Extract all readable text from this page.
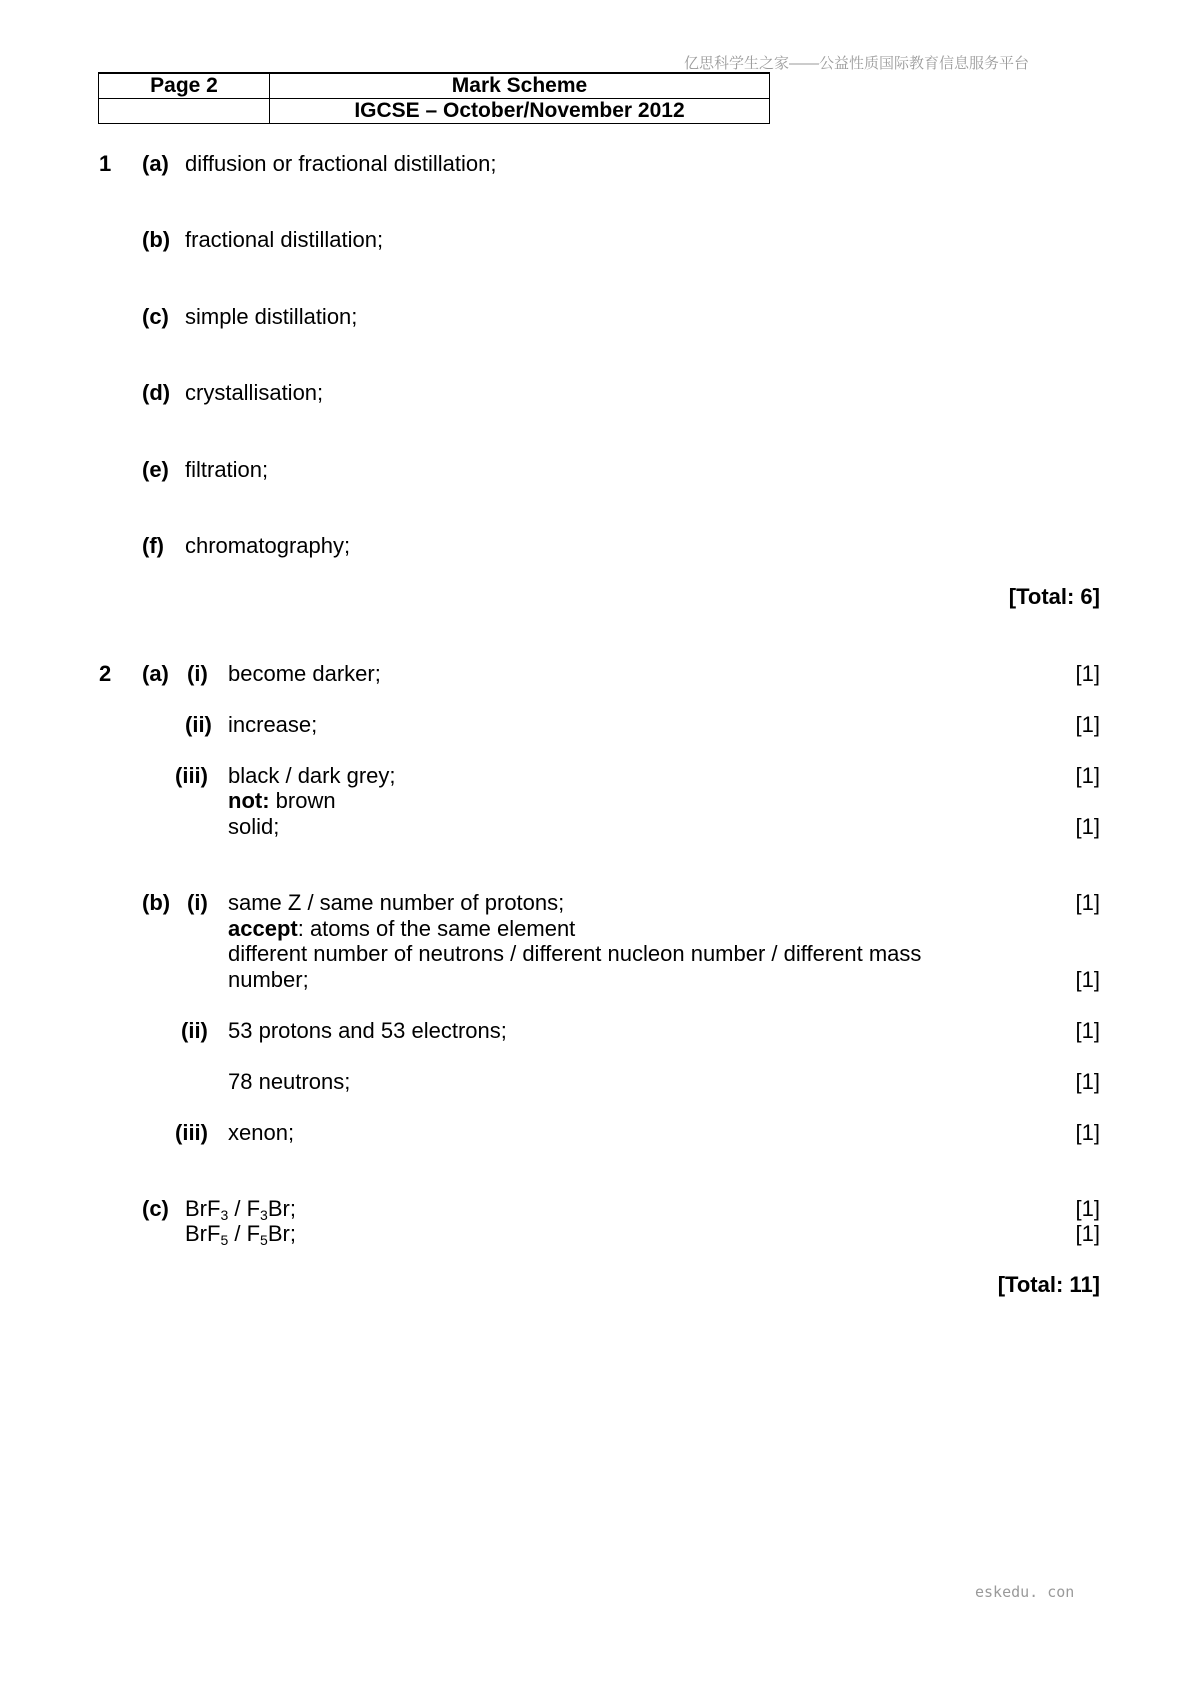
亿思科学生之家——公益性质国际教育信息服务平台
eskedu. con
Page 2	Mark Scheme
	IGCSE – October/November 2012
1 (a) diffusion or fractional distillation;
(b) fractional distillation;
(c) simple distillation;
(d) crystallisation;
(e) filtration;
(f) chromatography;
[Total: 6]
2 (a) (i) become darker;	[1]
(ii) increase;	[1]
(iii) black / dark grey;	[1]
not: brown
solid;	[1]
(b) (i) same Z / same number of protons;	[1]
accept: atoms of the same element
different number of neutrons / different nucleon number / different mass
number;	[1]
(ii) 53 protons and 53 electrons;	[1]
78 neutrons;	[1]
(iii) xenon;	[1]
(c) $BrF_3 / F_3Br$;	[1]
$BrF_5 / F_5Br$;	[1]
[Total: 11]
